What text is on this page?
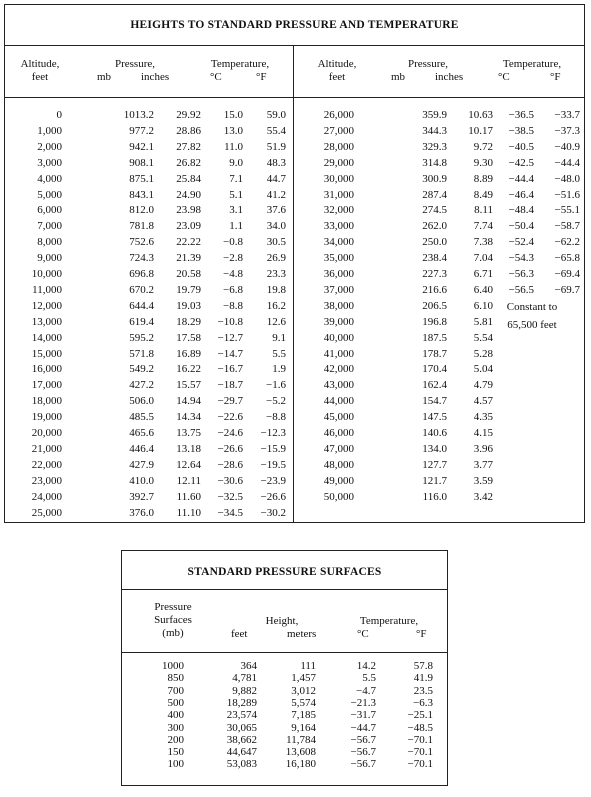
HEIGHTS TO STANDARD PRESSURE AND TEMPERATURE
Altitude,
feet
Pressure,
mb	inches
Temperature,
°C	°F
Altitude,
feet
Pressure,
mb	inches
Temperature,
°C	°F
0	1013.2	29.92	15.0	59.0
1,000	977.2	28.86	13.0	55.4
2,000	942.1	27.82	11.0	51.9
3,000	908.1	26.82	9.0	48.3
4,000	875.1	25.84	7.1	44.7
5,000	843.1	24.90	5.1	41.2
6,000	812.0	23.98	3.1	37.6
7,000	781.8	23.09	1.1	34.0
8,000	752.6	22.22	−0.8	30.5
9,000	724.3	21.39	−2.8	26.9
10,000	696.8	20.58	−4.8	23.3
11,000	670.2	19.79	−6.8	19.8
12,000	644.4	19.03	−8.8	16.2
13,000	619.4	18.29	−10.8	12.6
14,000	595.2	17.58	−12.7	9.1
15,000	571.8	16.89	−14.7	5.5
16,000	549.2	16.22	−16.7	1.9
17,000	427.2	15.57	−18.7	−1.6
18,000	506.0	14.94	−29.7	−5.2
19,000	485.5	14.34	−22.6	−8.8
20,000	465.6	13.75	−24.6	−12.3
21,000	446.4	13.18	−26.6	−15.9
22,000	427.9	12.64	−28.6	−19.5
23,000	410.0	12.11	−30.6	−23.9
24,000	392.7	11.60	−32.5	−26.6
25,000	376.0	11.10	−34.5	−30.2
26,000	359.9	10.63	−36.5	−33.7
27,000	344.3	10.17	−38.5	−37.3
28,000	329.3	9.72	−40.5	−40.9
29,000	314.8	9.30	−42.5	−44.4
30,000	300.9	8.89	−44.4	−48.0
31,000	287.4	8.49	−46.4	−51.6
32,000	274.5	8.11	−48.4	−55.1
33,000	262.0	7.74	−50.4	−58.7
34,000	250.0	7.38	−52.4	−62.2
35,000	238.4	7.04	−54.3	−65.8
36,000	227.3	6.71	−56.3	−69.4
37,000	216.6	6.40	−56.5	−69.7
38,000	206.5	6.10
39,000	196.8	5.81
40,000	187.5	5.54
41,000	178.7	5.28
42,000	170.4	5.04
43,000	162.4	4.79
44,000	154.7	4.57
45,000	147.5	4.35
46,000	140.6	4.15
47,000	134.0	3.96
48,000	127.7	3.77
49,000	121.7	3.59
50,000	116.0	3.42
Constant to
65,500 feet
STANDARD PRESSURE SURFACES
Pressure
Surfaces
(mb)
Height,
feet	meters
Temperature,
°C	°F
1000	364	111	14.2	57.8
850	4,781	1,457	5.5	41.9
700	9,882	3,012	−4.7	23.5
500	18,289	5,574	−21.3	−6.3
400	23,574	7,185	−31.7	−25.1
300	30,065	9,164	−44.7	−48.5
200	38,662	11,784	−56.7	−70.1
150	44,647	13,608	−56.7	−70.1
100	53,083	16,180	−56.7	−70.1
